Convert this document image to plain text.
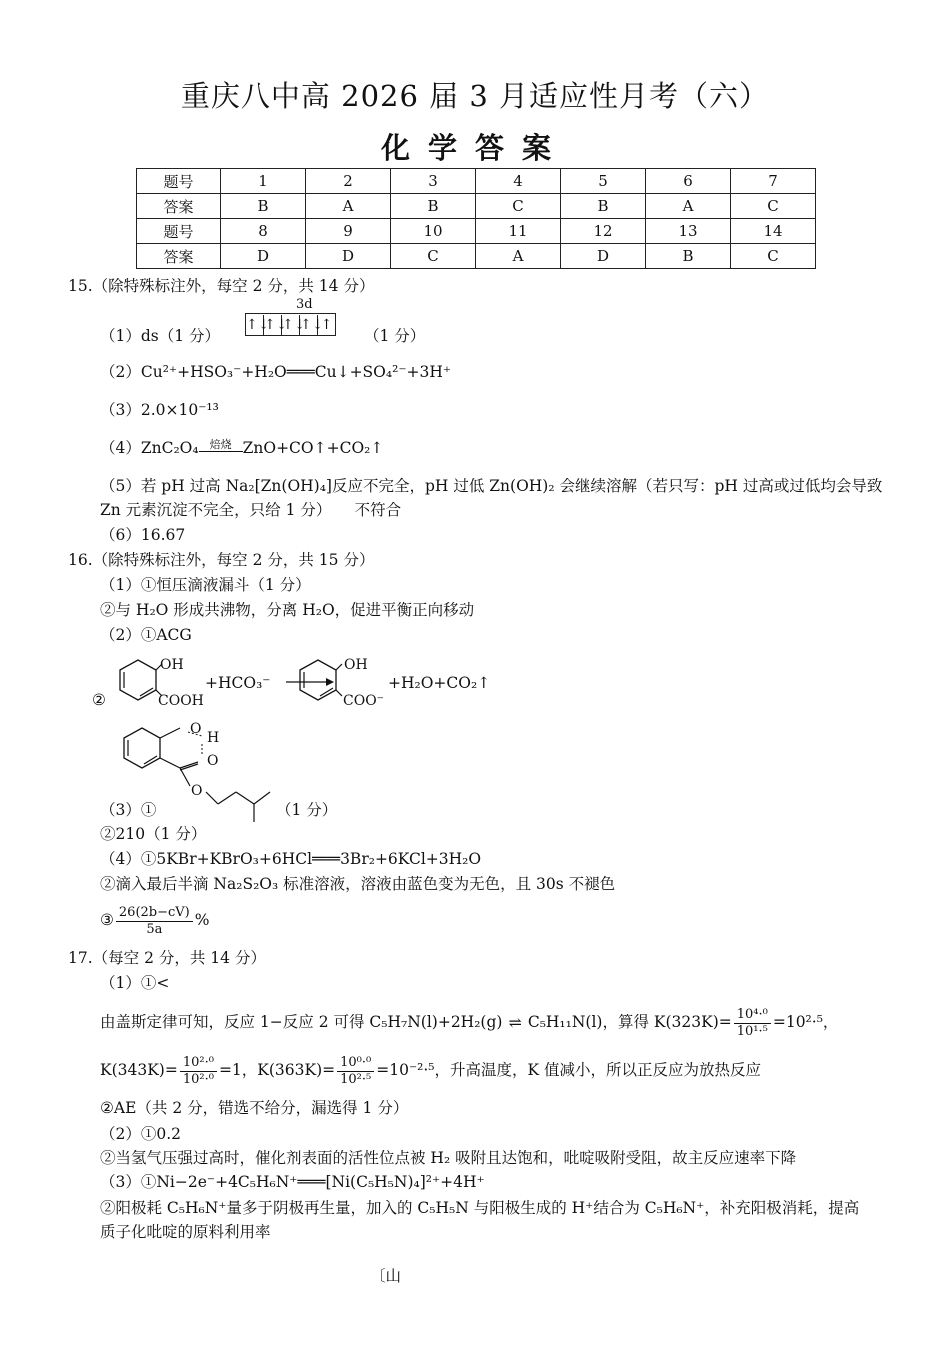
重庆八中高 2026 届 3 月适应性月考（六）
化学答案
题号	1	2	3	4	5	6	7
答案	B	A	B	C	B	A	C
题号	8	9	10	11	12	13	14
答案	D	D	C	A	D	B	C
15.（除特殊标注外，每空 2 分，共 14 分）
3d
（1）ds（1 分）
↑↓↑↓↑↓↑↓↑
（1 分）
（2）Cu²⁺+HSO₃⁻+H₂O═══Cu↓+SO₄²⁻+3H⁺
（3）2.0×10⁻¹³
（4）ZnC₂O₄	焙烧 ZnO+CO↑+CO₂↑
（5）若 pH 过高 Na₂[Zn(OH)₄]反应不完全，pH 过低 Zn(OH)₂ 会继续溶解（若只写：pH 过高或过低均会导致
Zn 元素沉淀不完全，只给 1 分）　　不符合
（6）16.67
16.（除特殊标注外，每空 2 分，共 15 分）
（1）①恒压滴液漏斗（1 分）
②与 H₂O 形成共沸物，分离 H₂O，促进平衡正向移动
（2）①ACG
②
OH
COOH
+HCO₃⁻
OH
COO⁻
+H₂O+CO₂↑
O
H
O
O
（3）①	（1 分）
②210（1 分）
（4）①5KBr+KBrO₃+6HCl═══3Br₂+6KCl+3H₂O
②滴入最后半滴 Na₂S₂O₃ 标准溶液，溶液由蓝色变为无色，且 30s 不褪色
③ $\frac{26(2b-cV)}{5a}$ %
17.（每空 2 分，共 14 分）
（1）①<
由盖斯定律可知，反应 1−反应 2 可得 C₅H₇N(l)+2H₂(g) ⇌ C₅H₁₁N(l)，算得 $K(323K)= \frac{\text{10⁴·⁰}}{\text{10¹·⁵}} =10^2\cdot^5$，
$K(343K)= \frac{\text{10²·⁰}}{\text{10²·⁰}} =1$，$K(363K)= \frac{\text{10⁰·⁰}}{\text{10²·⁵}} =10^{-2}\cdot^5$，升高温度，K 值减小，所以正反应为放热反应
②AE（共 2 分，错选不给分，漏选得 1 分）
（2）①0.2
②当氢气压强过高时，催化剂表面的活性位点被 H₂ 吸附且达饱和，吡啶吸附受阻，故主反应速率下降
（3）①Ni−2e⁻+4C₅H₆N⁺═══[Ni(C₅H₅N)₄]²⁺+4H⁺
②阳极耗 C₅H₆N⁺量多于阴极再生量，加入的 C₅H₅N 与阳极生成的 H⁺结合为 C₅H₆N⁺，补充阳极消耗，提高
质子化吡啶的原料利用率
〔山
